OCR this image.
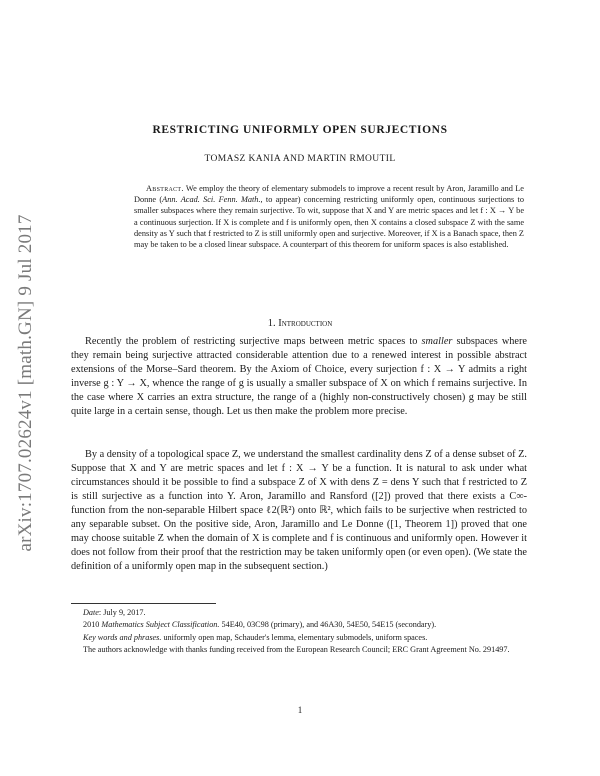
arXiv:1707.02624v1 [math.GN] 9 Jul 2017
RESTRICTING UNIFORMLY OPEN SURJECTIONS
TOMASZ KANIA AND MARTIN RMOUTIL
Abstract. We employ the theory of elementary submodels to improve a recent result by Aron, Jaramillo and Le Donne (Ann. Acad. Sci. Fenn. Math., to appear) concerning restricting uniformly open, continuous surjections to smaller subspaces where they remain surjective. To wit, suppose that X and Y are metric spaces and let f : X → Y be a continuous surjection. If X is complete and f is uniformly open, then X contains a closed subspace Z with the same density as Y such that f restricted to Z is still uniformly open and surjective. Moreover, if X is a Banach space, then Z may be taken to be a closed linear subspace. A counterpart of this theorem for uniform spaces is also established.
1. Introduction
Recently the problem of restricting surjective maps between metric spaces to smaller subspaces where they remain being surjective attracted considerable attention due to a renewed interest in possible abstract extensions of the Morse–Sard theorem. By the Axiom of Choice, every surjection f : X → Y admits a right inverse g : Y → X, whence the range of g is usually a smaller subspace of X on which f remains surjective. In the case where X carries an extra structure, the range of a (highly non-constructively chosen) g may be still quite large in a certain sense, though. Let us then make the problem more precise.
By a density of a topological space Z, we understand the smallest cardinality dens Z of a dense subset of Z. Suppose that X and Y are metric spaces and let f : X → Y be a function. It is natural to ask under what circumstances should it be possible to find a subspace Z of X with dens Z = dens Y such that f restricted to Z is still surjective as a function into Y. Aron, Jaramillo and Ransford ([2]) proved that there exists a C∞-function from the non-separable Hilbert space ℓ2(ℝ²) onto ℝ², which fails to be surjective when restricted to any separable subset. On the positive side, Aron, Jaramillo and Le Donne ([1, Theorem 1]) proved that one may choose suitable Z when the domain of X is complete and f is continuous and uniformly open. However it does not follow from their proof that the restriction may be taken uniformly open (or even open). (We state the definition of a uniformly open map in the subsequent section.)

Date: July 9, 2017.

2010 Mathematics Subject Classification. 54E40, 03C98 (primary), and 46A30, 54E50, 54E15 (secondary).

Key words and phrases. uniformly open map, Schauder's lemma, elementary submodels, uniform spaces.

The authors acknowledge with thanks funding received from the European Research Council; ERC Grant Agreement No. 291497.

1
